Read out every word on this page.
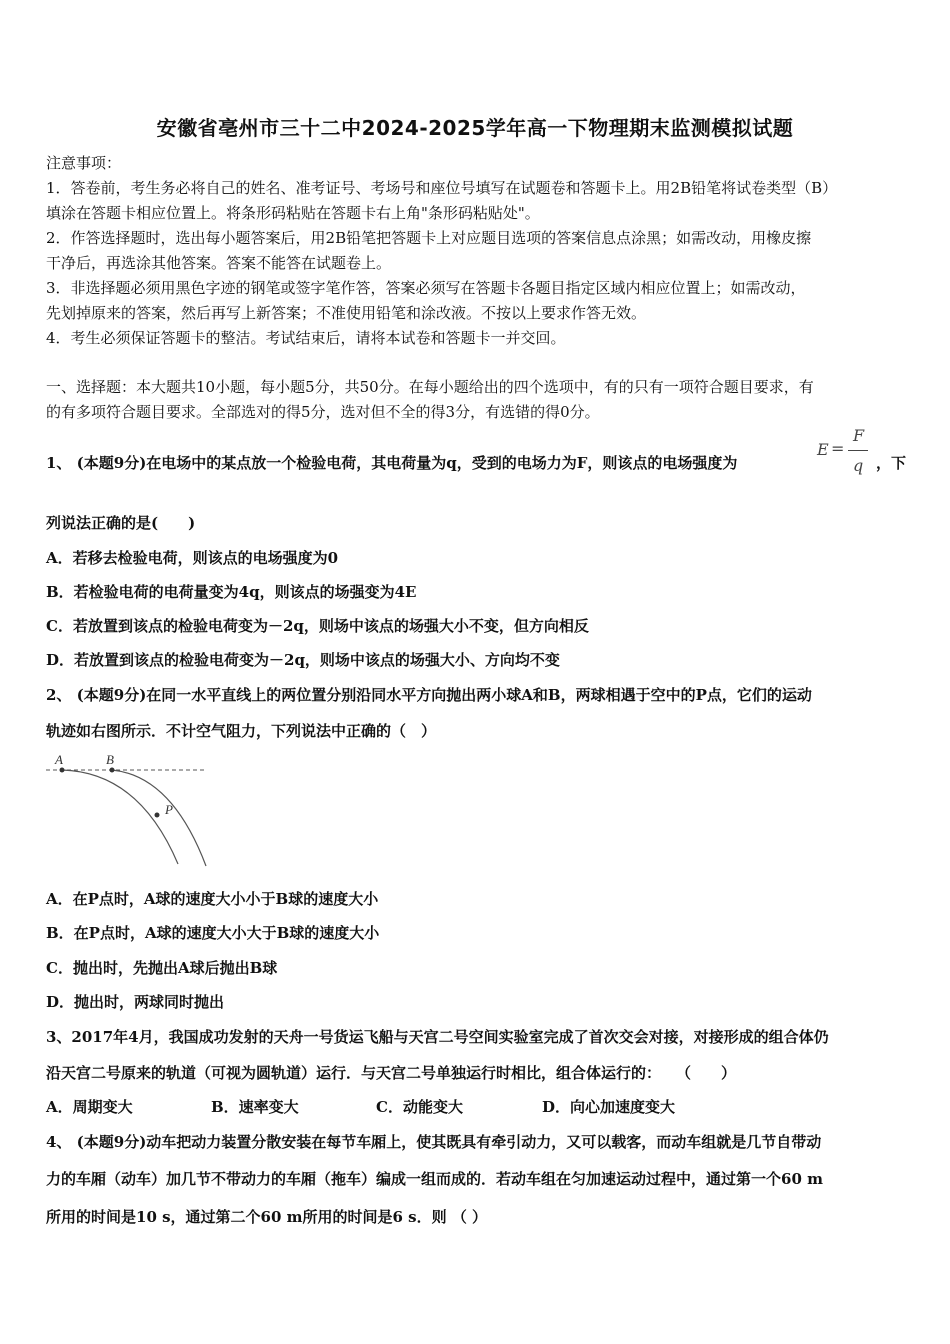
安徽省亳州市三十二中2024-2025学年高一下物理期末监测模拟试题
注意事项：
1．答卷前，考生务必将自己的姓名、准考证号、考场号和座位号填写在试题卷和答题卡上。用2B铅笔将试卷类型（B）
填涂在答题卡相应位置上。将条形码粘贴在答题卡右上角"条形码粘贴处"。
2．作答选择题时，选出每小题答案后，用2B铅笔把答题卡上对应题目选项的答案信息点涂黑；如需改动，用橡皮擦
干净后，再选涂其他答案。答案不能答在试题卷上。
3．非选择题必须用黑色字迹的钢笔或签字笔作答，答案必须写在答题卡各题目指定区域内相应位置上；如需改动，
先划掉原来的答案，然后再写上新答案；不准使用铅笔和涂改液。不按以上要求作答无效。
4．考生必须保证答题卡的整洁。考试结束后，请将本试卷和答题卡一并交回。
一、选择题：本大题共10小题，每小题5分，共50分。在每小题给出的四个选项中，有的只有一项符合题目要求，有
的有多项符合题目要求。全部选对的得5分，选对但不全的得3分，有选错的得0分。
1、 (本题9分)在电场中的某点放一个检验电荷，其电荷量为q，受到的电场力为F，则该点的电场强度为
E =
F
q ，下
列说法正确的是(　　)
A．若移去检验电荷，则该点的电场强度为0
B．若检验电荷的电荷量变为4q，则该点的场强变为4E
C．若放置到该点的检验电荷变为－2q，则场中该点的场强大小不变，但方向相反
D．若放置到该点的检验电荷变为－2q，则场中该点的场强大小、方向均不变
2、 (本题9分)在同一水平直线上的两位置分别沿同水平方向抛出两小球A和B，两球相遇于空中的P点，它们的运动
轨迹如右图所示．不计空气阻力，下列说法中正确的（　）
A	B
P
A．在P点时，A球的速度大小小于B球的速度大小
B．在P点时，A球的速度大小大于B球的速度大小
C．抛出时，先抛出A球后抛出B球
D．抛出时，两球同时抛出
3、2017年4月，我国成功发射的天舟一号货运飞船与天宫二号空间实验室完成了首次交会对接，对接形成的组合体仍
沿天宫二号原来的轨道（可视为圆轨道）运行．与天宫二号单独运行时相比，组合体运行的：　　（　　）
A．周期变大	B．速率变大	C．动能变大	D．向心加速度变大
4、 (本题9分)动车把动力装置分散安装在每节车厢上，使其既具有牵引动力，又可以载客，而动车组就是几节自带动
力的车厢（动车）加几节不带动力的车厢（拖车）编成一组而成的．若动车组在匀加速运动过程中，通过第一个60 m
所用的时间是10 s，通过第二个60 m所用的时间是6 s．则 （ ）
